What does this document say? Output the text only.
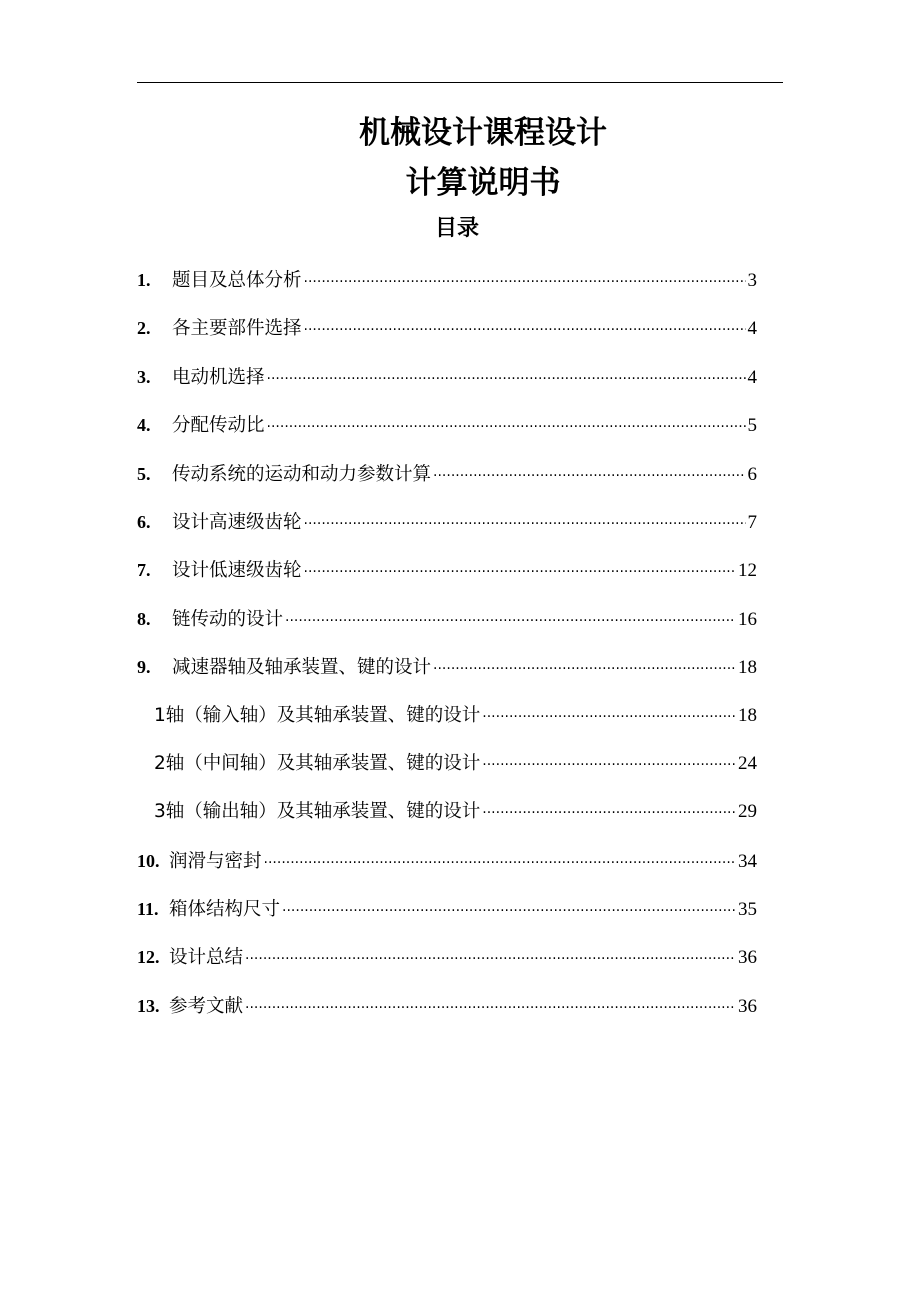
机械设计课程设计
计算说明书
目录
1.	题目及总体分析 ·····	3
2.	各主要部件选择 ·····	4
3.	电动机选择 ·····	4
4.	分配传动比 ·····	5
5.	传动系统的运动和动力参数计算 ·····	6
6.	设计高速级齿轮 ·····	7
7.	设计低速级齿轮 ·····	12
8.	链传动的设计 ·····	16
9.	减速器轴及轴承装置、键的设计 ·····	18
1轴（输入轴）及其轴承装置、键的设计 ·····	18
2轴（中间轴）及其轴承装置、键的设计 ·····	24
3轴（输出轴）及其轴承装置、键的设计 ·····	29
10. 润滑与密封 ·····	34
11. 箱体结构尺寸 ·····	35
12. 设计总结 ·····	36
13. 参考文献 ·····	36
